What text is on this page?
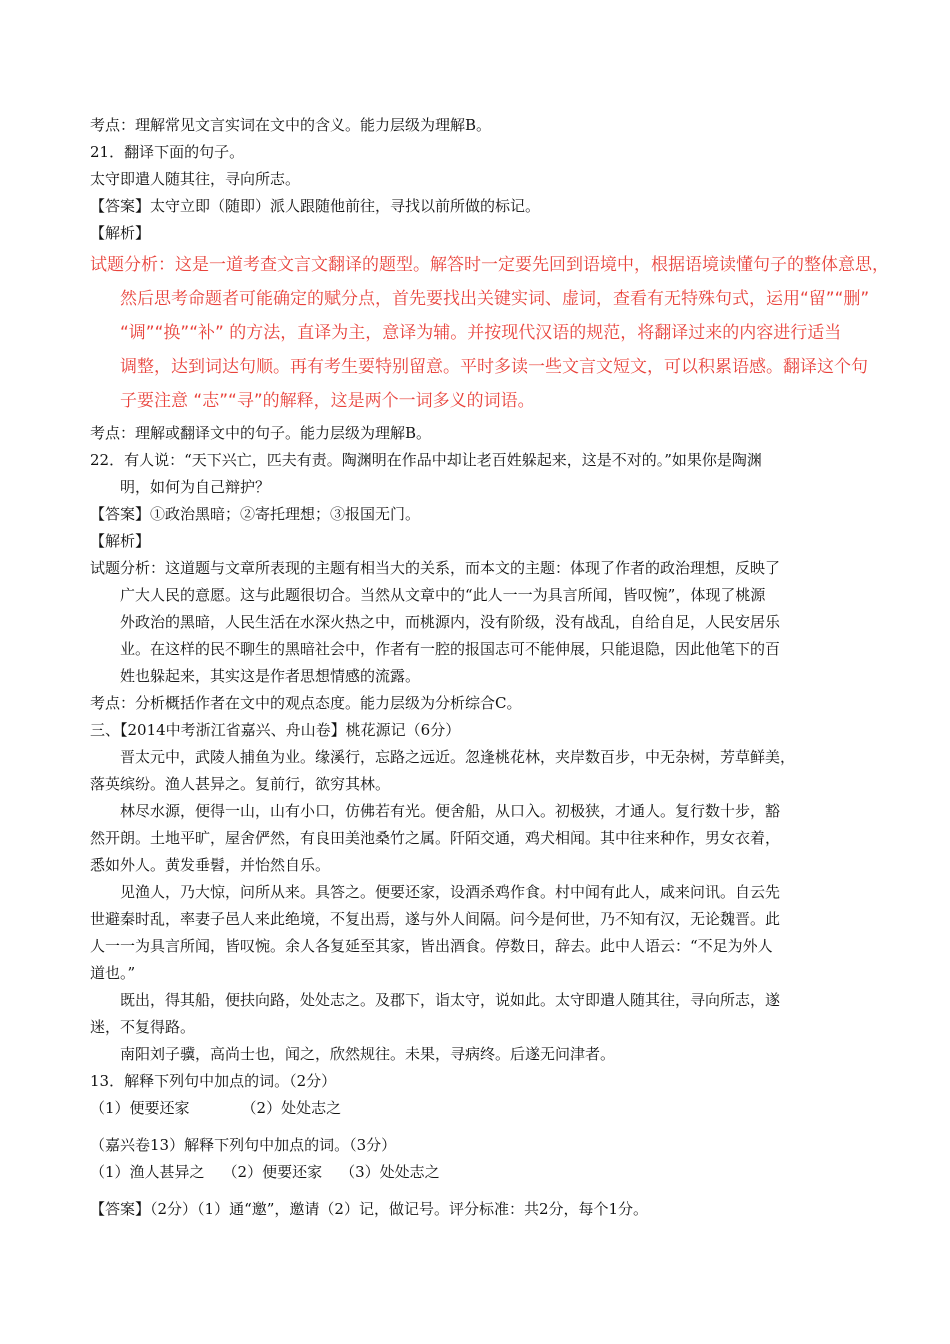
考点：理解常见文言实词在文中的含义。能力层级为理解B。
21．翻译下面的句子。
太守即遣人随其往，寻向所志。
【答案】太守立即（随即）派人跟随他前往，寻找以前所做的标记。
【解析】
试题分析：这是一道考查文言文翻译的题型。解答时一定要先回到语境中，根据语境读懂句子的整体意思，
然后思考命题者可能确定的赋分点，首先要找出关键实词、虚词，查看有无特殊句式，运用“留”“删”
“调”“换”“补” 的方法，直译为主，意译为辅。并按现代汉语的规范，将翻译过来的内容进行适当
调整，达到词达句顺。再有考生要特别留意。平时多读一些文言文短文，可以积累语感。翻译这个句
子要注意 “志”“寻”的解释，这是两个一词多义的词语。
考点：理解或翻译文中的句子。能力层级为理解B。
22．有人说：“天下兴亡，匹夫有责。陶渊明在作品中却让老百姓躲起来，这是不对的。”如果你是陶渊
明，如何为自己辩护？
【答案】①政治黑暗；②寄托理想；③报国无门。
【解析】
试题分析：这道题与文章所表现的主题有相当大的关系，而本文的主题：体现了作者的政治理想，反映了
广大人民的意愿。这与此题很切合。当然从文章中的“此人一一为具言所闻，皆叹惋”，体现了桃源
外政治的黑暗，人民生活在水深火热之中，而桃源内，没有阶级，没有战乱，自给自足，人民安居乐
业。在这样的民不聊生的黑暗社会中，作者有一腔的报国志可不能伸展，只能退隐，因此他笔下的百
姓也躲起来，其实这是作者思想情感的流露。
考点：分析概括作者在文中的观点态度。能力层级为分析综合C。
三、【2014中考浙江省嘉兴、舟山卷】桃花源记（6分）
晋太元中，武陵人捕鱼为业。缘溪行，忘路之远近。忽逢桃花林，夹岸数百步，中无杂树，芳草鲜美，
落英缤纷。渔人甚异之。复前行，欲穷其林。
林尽水源，便得一山，山有小口，仿佛若有光。便舍船，从口入。初极狭，才通人。复行数十步，豁
然开朗。土地平旷，屋舍俨然，有良田美池桑竹之属。阡陌交通，鸡犬相闻。其中往来种作，男女衣着，
悉如外人。黄发垂髫，并怡然自乐。
见渔人，乃大惊，问所从来。具答之。便要还家，设酒杀鸡作食。村中闻有此人，咸来问讯。自云先
世避秦时乱，率妻子邑人来此绝境，不复出焉，遂与外人间隔。问今是何世，乃不知有汉，无论魏晋。此
人一一为具言所闻，皆叹惋。余人各复延至其家，皆出酒食。停数日，辞去。此中人语云：“不足为外人
道也。”
既出，得其船，便扶向路，处处志之。及郡下，诣太守，说如此。太守即遣人随其往，寻向所志，遂
迷，不复得路。
南阳刘子骥，高尚士也，闻之，欣然规往。未果，寻病终。后遂无问津者。
13．解释下列句中加点的词。（2分）
（1）便要还家	（2）处处志之
（嘉兴卷13）解释下列句中加点的词。（3分）
（1）渔人甚异之 （2）便要还家 （3）处处志之
【答案】（2分）（1）通“邀”，邀请（2）记，做记号。评分标准：共2分，每个1分。
